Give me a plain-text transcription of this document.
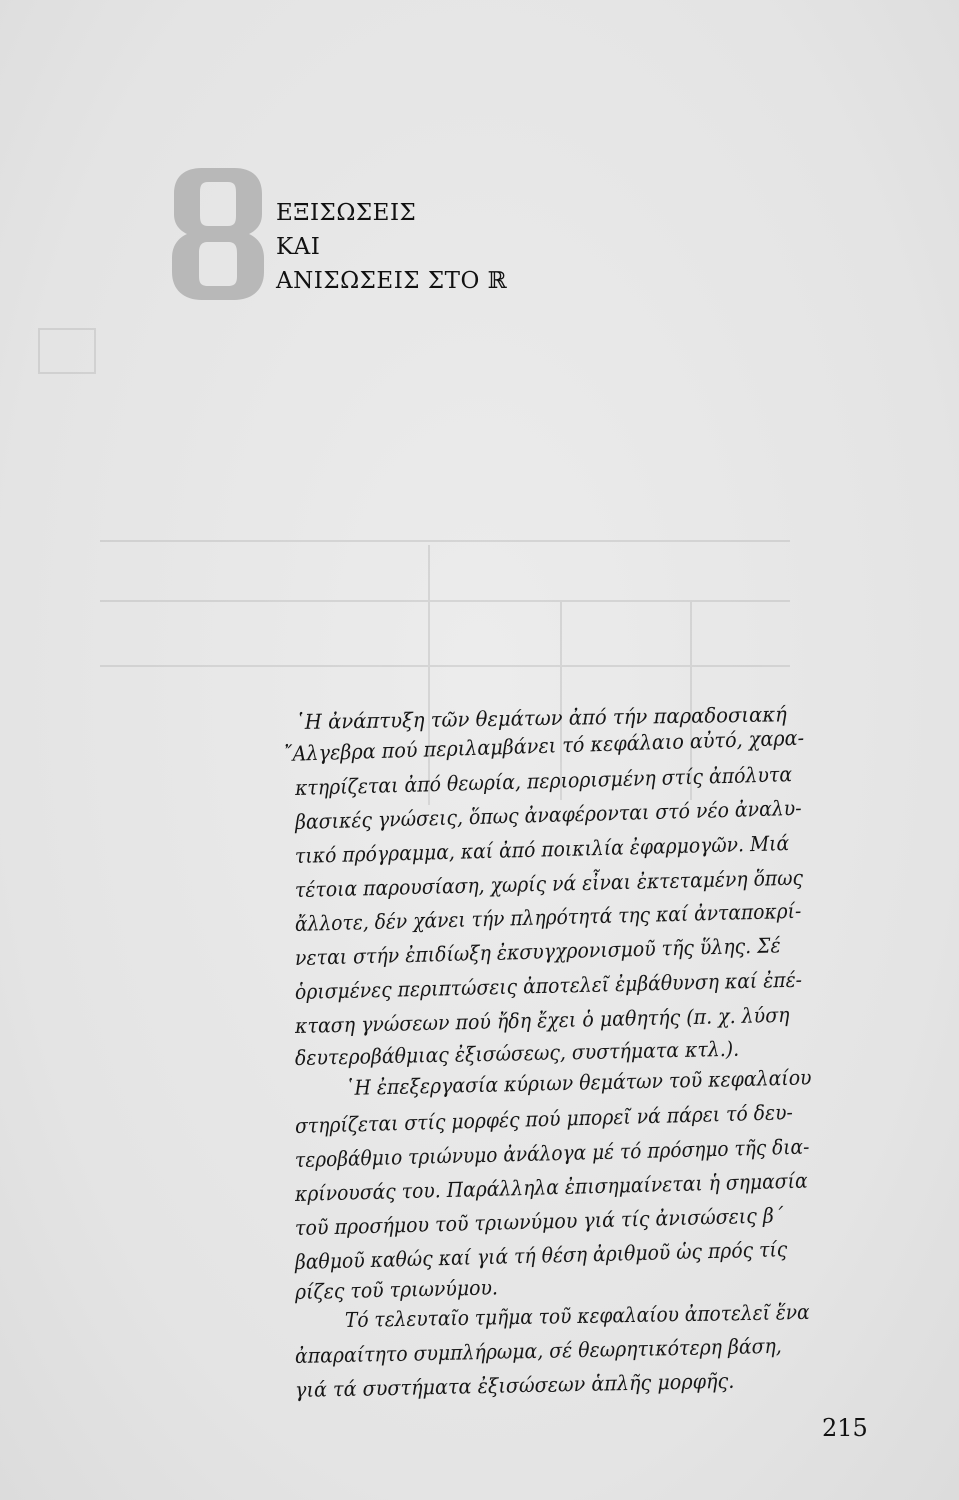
ΕΞΙΣΩΣΕΙΣ
ΚΑΙ
ΑΝΙΣΩΣΕΙΣ ΣΤΟ ℝ
῾Η ἀνάπτυξη τῶν θεμάτων ἀπό τήν παραδοσιακή
῎Αλγεβρα πού περιλαμβάνει τό κεφάλαιο αὐτό, χαρα-
κτηρίζεται ἀπό θεωρία, περιορισμένη στίς ἀπόλυτα
βασικές γνώσεις, ὅπως ἀναφέρονται στό νέο ἀναλυ-
τικό πρόγραμμα, καί ἀπό ποικιλία ἐφαρμογῶν. Μιά
τέτοια παρουσίαση, χωρίς νά εἶναι ἐκτεταμένη ὅπως
ἄλλοτε, δέν χάνει τήν πληρότητά της καί ἀνταποκρί-
νεται στήν ἐπιδίωξη ἐκσυγχρονισμοῦ τῆς ὕλης. Σέ
ὁρισμένες περιπτώσεις ἀποτελεῖ ἐμβάθυνση καί ἐπέ-
κταση γνώσεων πού ἤδη ἔχει ὁ μαθητής (π. χ. λύση
δευτεροβάθμιας ἐξισώσεως, συστήματα κτλ.).
῾Η ἐπεξεργασία κύριων θεμάτων τοῦ κεφαλαίου
στηρίζεται στίς μορφές πού μπορεῖ νά πάρει τό δευ-
τεροβάθμιο τριώνυμο ἀνάλογα μέ τό πρόσημο τῆς δια-
κρίνουσάς του. Παράλληλα ἐπισημαίνεται ἡ σημασία
τοῦ προσήμου τοῦ τριωνύμου γιά τίς ἀνισώσεις β΄
βαθμοῦ καθώς καί γιά τή θέση ἀριθμοῦ ὡς πρός τίς
ρίζες τοῦ τριωνύμου.
Τό τελευταῖο τμῆμα τοῦ κεφαλαίου ἀποτελεῖ ἕνα
ἀπαραίτητο συμπλήρωμα, σέ θεωρητικότερη βάση,
γιά τά συστήματα ἐξισώσεων ἁπλῆς μορφῆς.
215
